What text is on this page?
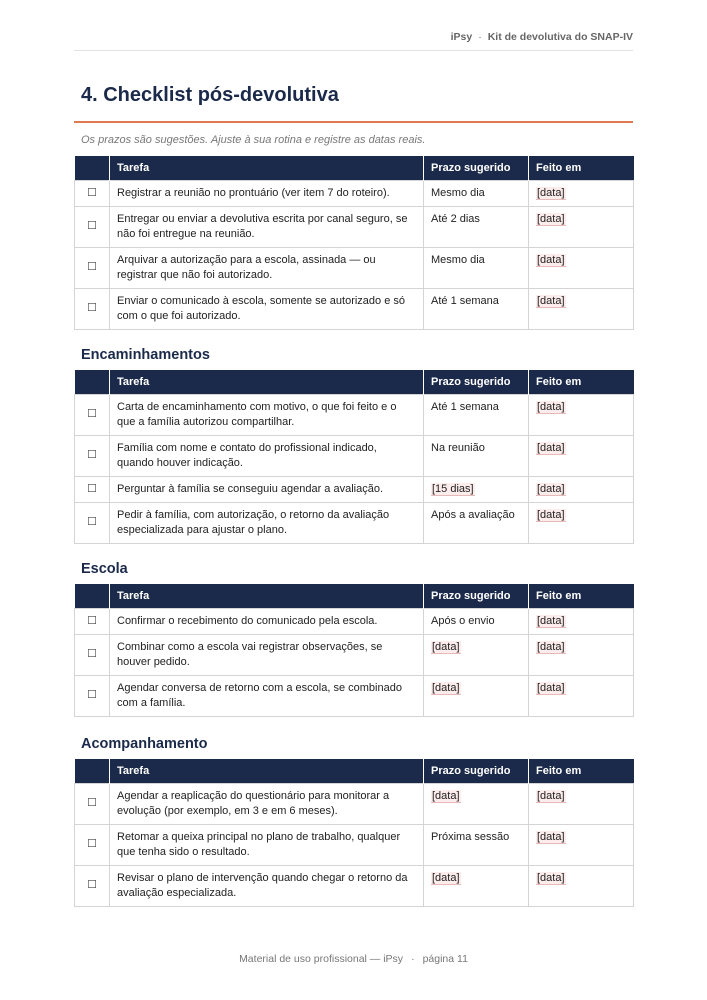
iPsy · Kit de devolutiva do SNAP-IV
4. Checklist pós-devolutiva
Os prazos são sugestões. Ajuste à sua rotina e registre as datas reais.
	Tarefa	Prazo sugerido	Feito em
☐	Registrar a reunião no prontuário (ver item 7 do roteiro).	Mesmo dia	[data]
☐	Entregar ou enviar a devolutiva escrita por canal seguro, se não foi entregue na reunião.	Até 2 dias	[data]
☐	Arquivar a autorização para a escola, assinada — ou registrar que não foi autorizado.	Mesmo dia	[data]
☐	Enviar o comunicado à escola, somente se autorizado e só com o que foi autorizado.	Até 1 semana	[data]
Encaminhamentos
	Tarefa	Prazo sugerido	Feito em
☐	Carta de encaminhamento com motivo, o que foi feito e o que a família autorizou compartilhar.	Até 1 semana	[data]
☐	Família com nome e contato do profissional indicado, quando houver indicação.	Na reunião	[data]
☐	Perguntar à família se conseguiu agendar a avaliação.	[15 dias]	[data]
☐	Pedir à família, com autorização, o retorno da avaliação especializada para ajustar o plano.	Após a avaliação	[data]
Escola
	Tarefa	Prazo sugerido	Feito em
☐	Confirmar o recebimento do comunicado pela escola.	Após o envio	[data]
☐	Combinar como a escola vai registrar observações, se houver pedido.	[data]	[data]
☐	Agendar conversa de retorno com a escola, se combinado com a família.	[data]	[data]
Acompanhamento
	Tarefa	Prazo sugerido	Feito em
☐	Agendar a reaplicação do questionário para monitorar a evolução (por exemplo, em 3 e em 6 meses).	[data]	[data]
☐	Retomar a queixa principal no plano de trabalho, qualquer que tenha sido o resultado.	Próxima sessão	[data]
☐	Revisar o plano de intervenção quando chegar o retorno da avaliação especializada.	[data]	[data]
Material de uso profissional — iPsy · página 11
